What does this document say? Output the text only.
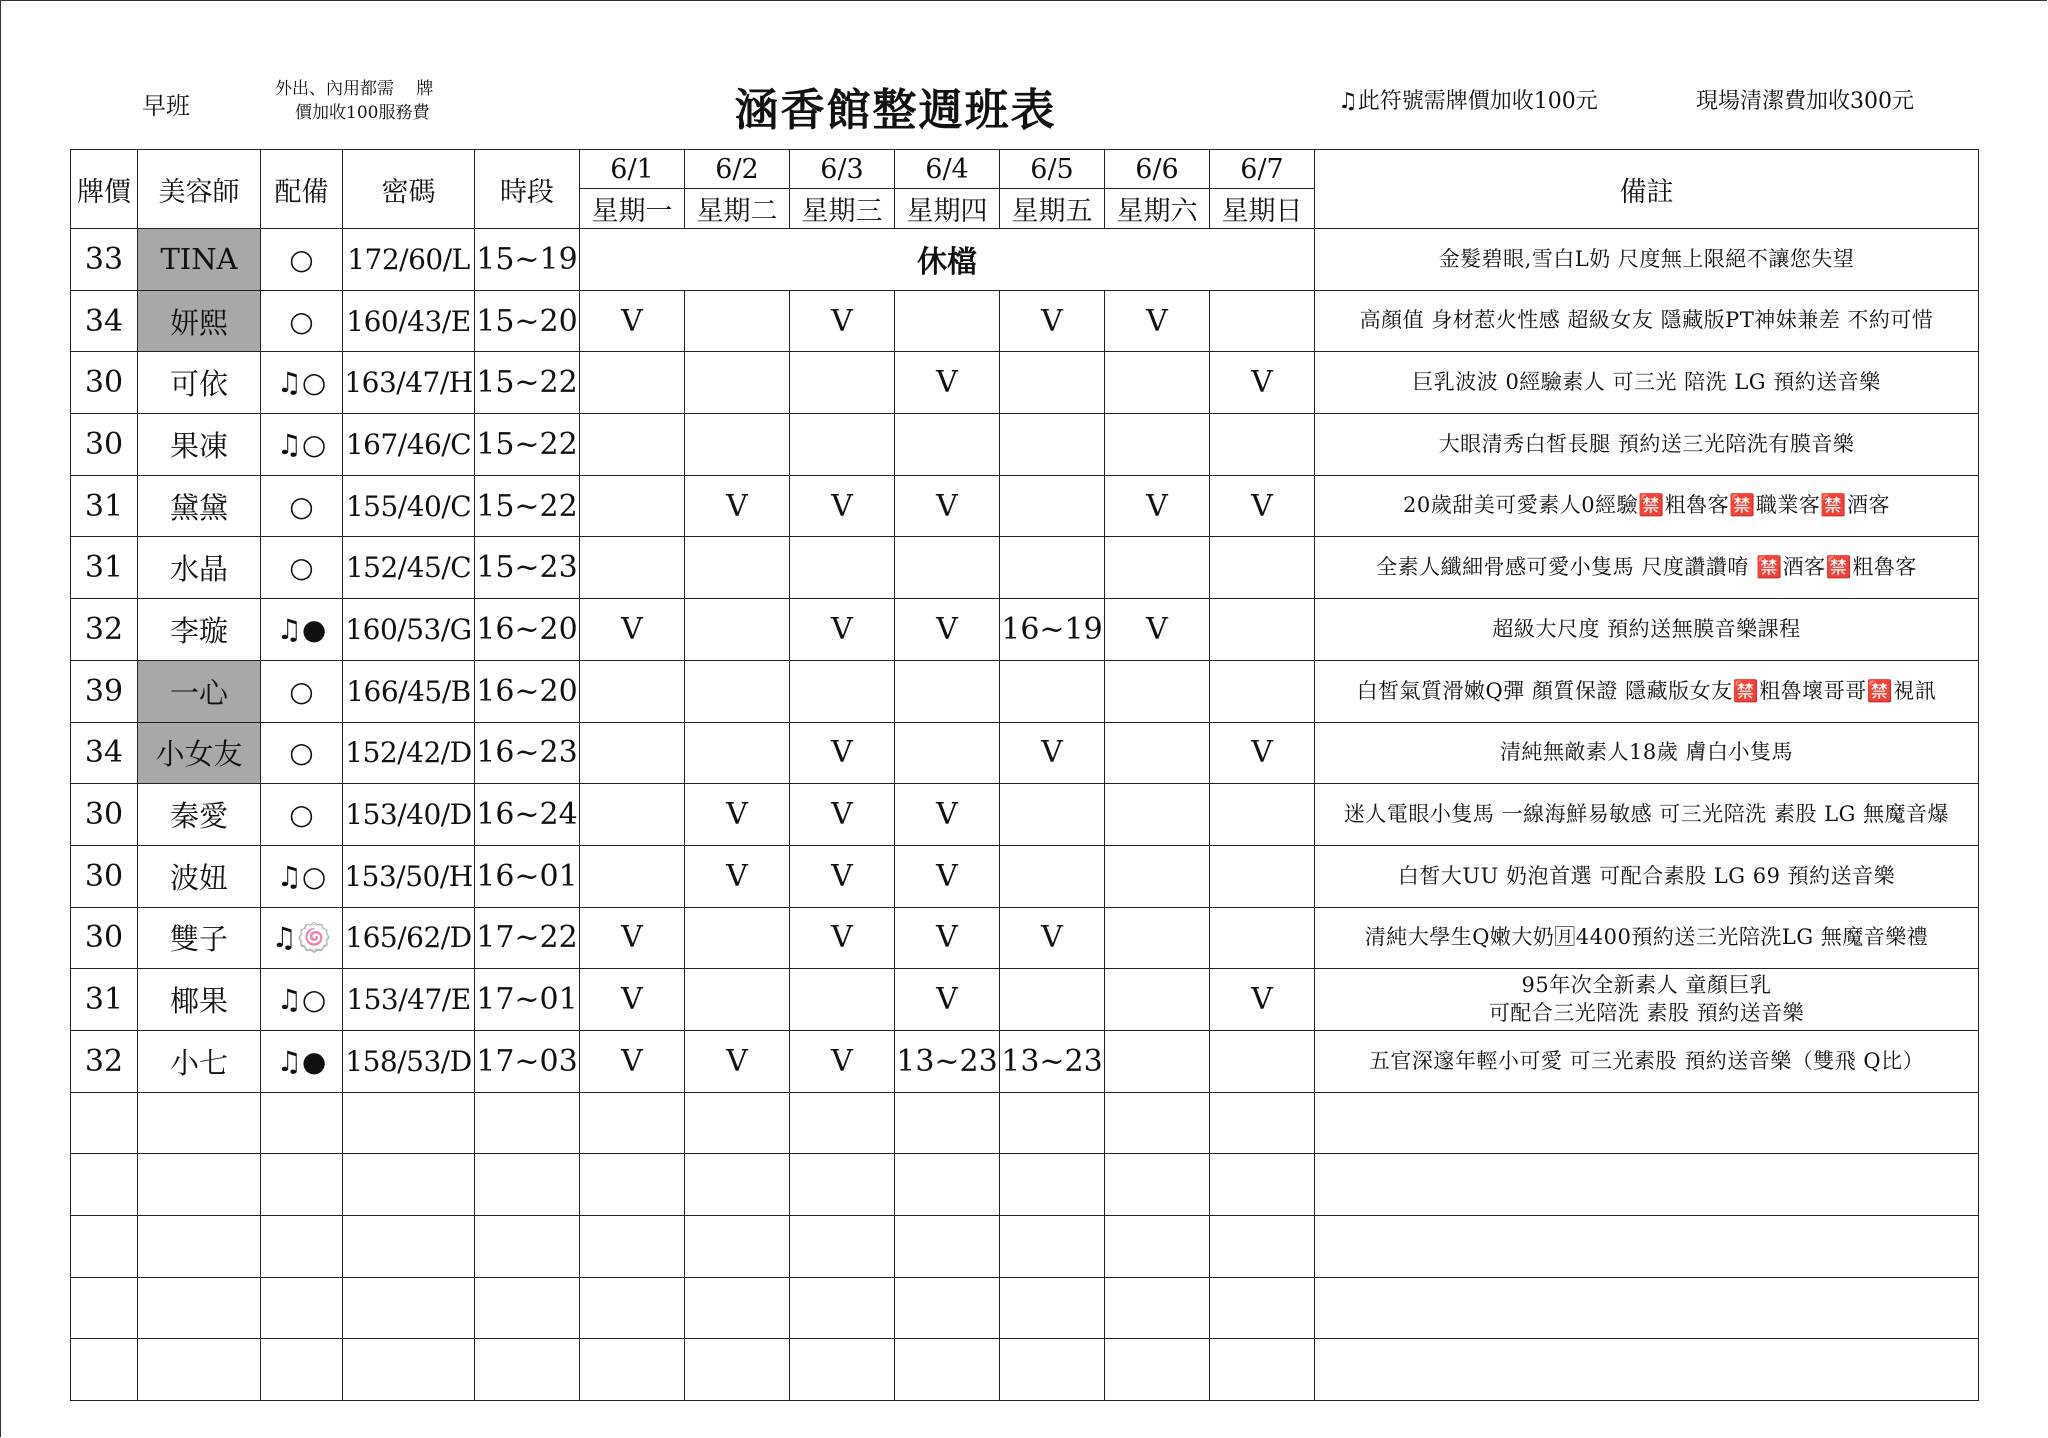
早班
外出、內用都需　 牌
價加收100服務費	涵香館整週班表	♫此符號需牌價加收100元	現場清潔費加收300元
牌價	美容師	配備	密碼	時段	6/1	6/2	6/3	6/4	6/5	6/6	6/7	備註
					星期一	星期二	星期三	星期四	星期五	星期六	星期日	
33	TINA	○	172/60/L	15~19	休檔							金髮碧眼,雪白L奶 尺度無上限絕不讓您失望
34	妍熙	○	160/43/E	15~20	V		V		V	V		高顏值 身材惹火性感 超級女友 隱藏版PT神妹兼差 不約可惜
30	可依	♫○	163/47/H	15~22				V			V	巨乳波波 0經驗素人 可三光 陪洗 LG 預約送音樂
30	果凍	♫○	167/46/C	15~22								大眼清秀白皙長腿 預約送三光陪洗有膜音樂
31	黛黛	○	155/40/C	15~22		V	V	V		V	V	20歲甜美可愛素人0經驗🈲粗魯客🈲職業客🈲酒客
31	水晶	○	152/45/C	15~23								全素人纖細骨感可愛小隻馬 尺度讚讚唷 🈲酒客🈲粗魯客
32	李璇	♫●	160/53/G	16~20	V		V	V	16~19	V		超級大尺度 預約送無膜音樂課程
39	一心	○	166/45/B	16~20								白皙氣質滑嫩Q彈 顏質保證 隱藏版女友🈲粗魯壞哥哥🈲視訊
34	小女友	○	152/42/D	16~23			V		V		V	清純無敵素人18歲 膚白小隻馬
30	秦愛	○	153/40/D	16~24		V	V	V				迷人電眼小隻馬 一線海鮮易敏感 可三光陪洗 素股 LG 無魔音爆
30	波妞	♫○	153/50/H	16~01		V	V	V				白皙大UU 奶泡首選 可配合素股 LG 69 預約送音樂
30	雙子	♫🍥	165/62/D	17~22	V		V	V	V			清純大學生Q嫩大奶🈷4400預約送三光陪洗LG 無魔音樂禮
31	椰果	♫○	153/47/E	17~01	V			V			V	95年次全新素人 童顏巨乳
可配合三光陪洗 素股 預約送音樂
32	小七	♫●	158/53/D	17~03	V	V	V	13~23	13~23			五官深邃年輕小可愛 可三光素股 預約送音樂（雙飛 Q比）
